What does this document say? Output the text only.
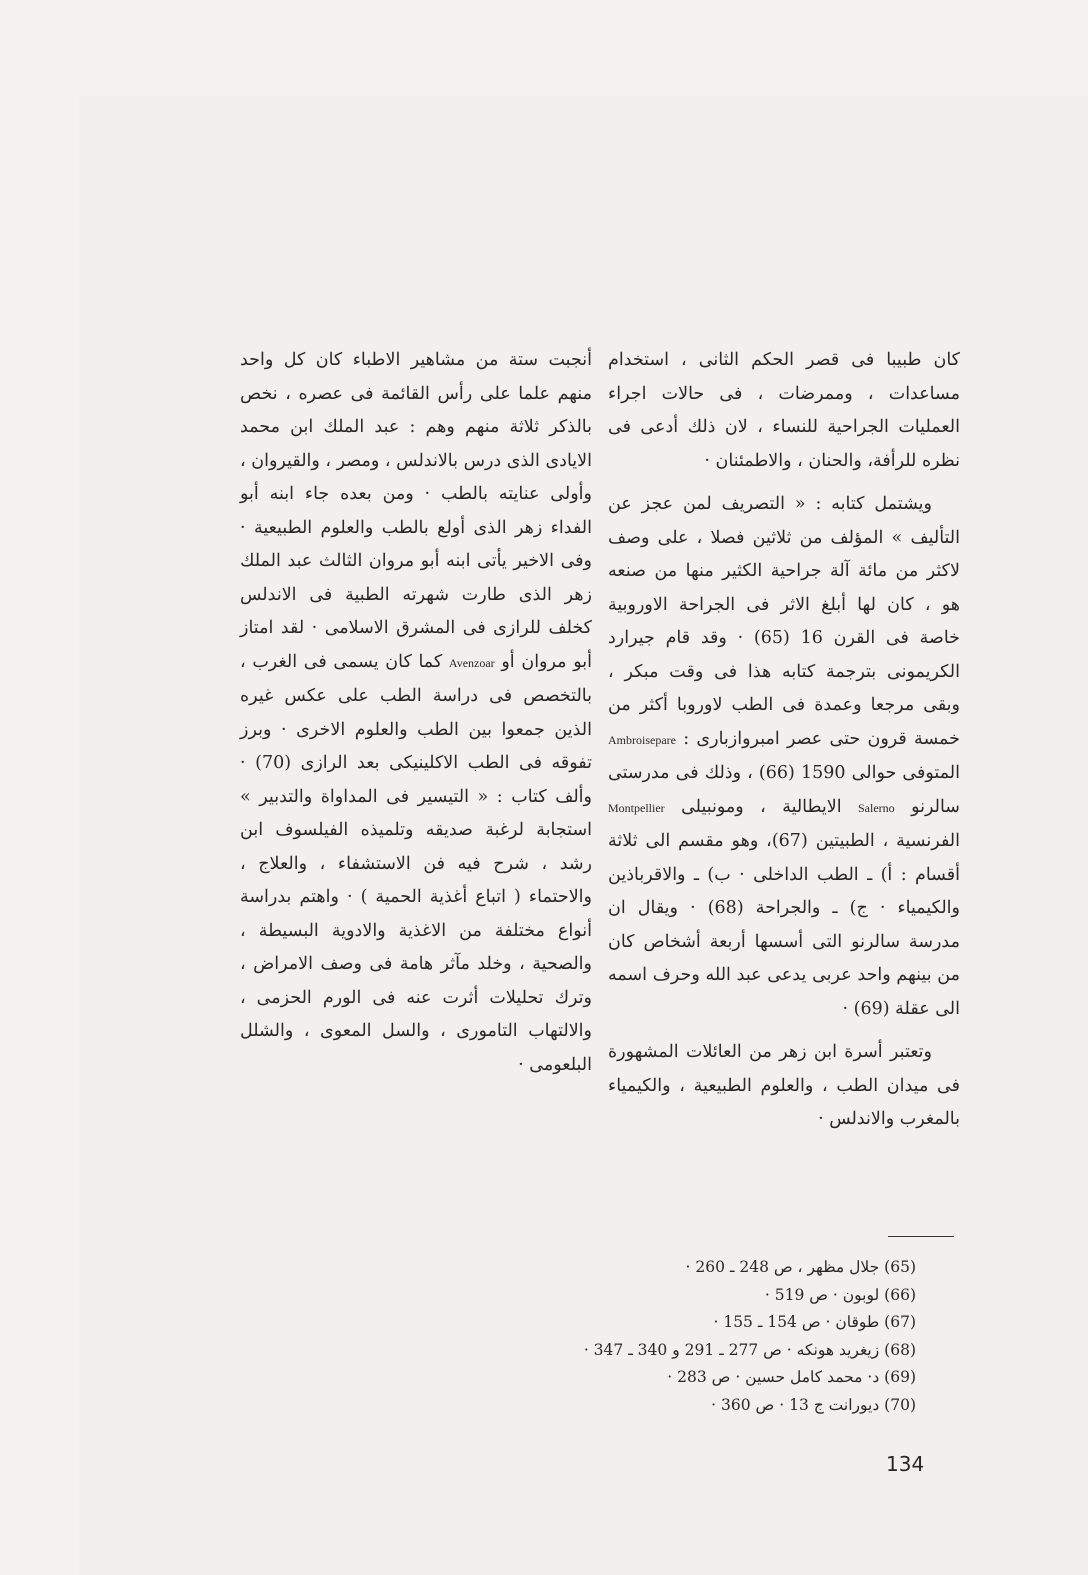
كان طبيبا فى قصر الحكم الثانى ، استخدام مساعدات ، وممرضات ، فى حالات اجراء العمليات الجراحية للنساء ، لان ذلك أدعى فى نظره للرأفة، والحنان ، والاطمئنان ·

ويشتمل كتابه : « التصريف لمن عجز عن التأليف » المؤلف من ثلاثين فصلا ، على وصف لاكثر من مائة آلة جراحية الكثير منها من صنعه هو ، كان لها أبلغ الاثر فى الجراحة الاوروبية خاصة فى القرن 16 (65) · وقد قام جيرارد الكريمونى بترجمة كتابه هذا فى وقت مبكر ، وبقى مرجعا وعمدة فى الطب لاوروبا أكثر من خمسة قرون حتى عصر امبروازبارى : Ambroisepare المتوفى حوالى 1590 (66) ، وذلك فى مدرستى سالرنو Salerno الايطالية ، ومونبيلى Montpellier الفرنسية ، الطبيتين (67)، وهو مقسم الى ثلاثة أقسام : أ) ـ الطب الداخلى · ب) ـ والاقرباذين والكيمياء · ج) ـ والجراحة (68) · ويقال ان مدرسة سالرنو التى أسسها أربعة أشخاص كان من بينهم واحد عربى يدعى عبد الله وحرف اسمه الى عقلة (69) ·

وتعتبر أسرة ابن زهر من العائلات المشهورة فى ميدان الطب ، والعلوم الطبيعية ، والكيمياء بالمغرب والاندلس ·

أنجبت ستة من مشاهير الاطباء كان كل واحد منهم علما على رأس القائمة فى عصره ، نخص بالذكر ثلاثة منهم وهم : عبد الملك ابن محمد الايادى الذى درس بالاندلس ، ومصر ، والقيروان ، وأولى عنايته بالطب · ومن بعده جاء ابنه أبو الفداء زهر الذى أولع بالطب والعلوم الطبيعية · وفى الاخير يأتى ابنه أبو مروان الثالث عبد الملك زهر الذى طارت شهرته الطبية فى الاندلس كخلف للرازى فى المشرق الاسلامى · لقد امتاز أبو مروان أو Avenzoar كما كان يسمى فى الغرب ، بالتخصص فى دراسة الطب على عكس غيره الذين جمعوا بين الطب والعلوم الاخرى · وبرز تفوقه فى الطب الاكلينيكى بعد الرازى (70) · وألف كتاب : « التيسير فى المداواة والتدبير » استجابة لرغبة صديقه وتلميذه الفيلسوف ابن رشد ، شرح فيه فن الاستشفاء ، والعلاج ، والاحتماء ( اتباع أغذية الحمية ) · واهتم بدراسة أنواع مختلفة من الاغذية والادوية البسيطة ، والصحية ، وخلد مآثر هامة فى وصف الامراض ، وترك تحليلات أثرت عنه فى الورم الحزمى ، والالتهاب التامورى ، والسل المعوى ، والشلل البلعومى ·

(65) جلال مظهر ، ص 248 ـ 260 ·
(66) لوبون · ص 519 ·
(67) طوقان · ص 154 ـ 155 ·
(68) زيغريد هونكه · ص 277 ـ 291 و 340 ـ 347 ·
(69) د· محمد كامل حسين · ص 283 ·
(70) ديورانت ج 13 · ص 360 ·
134
